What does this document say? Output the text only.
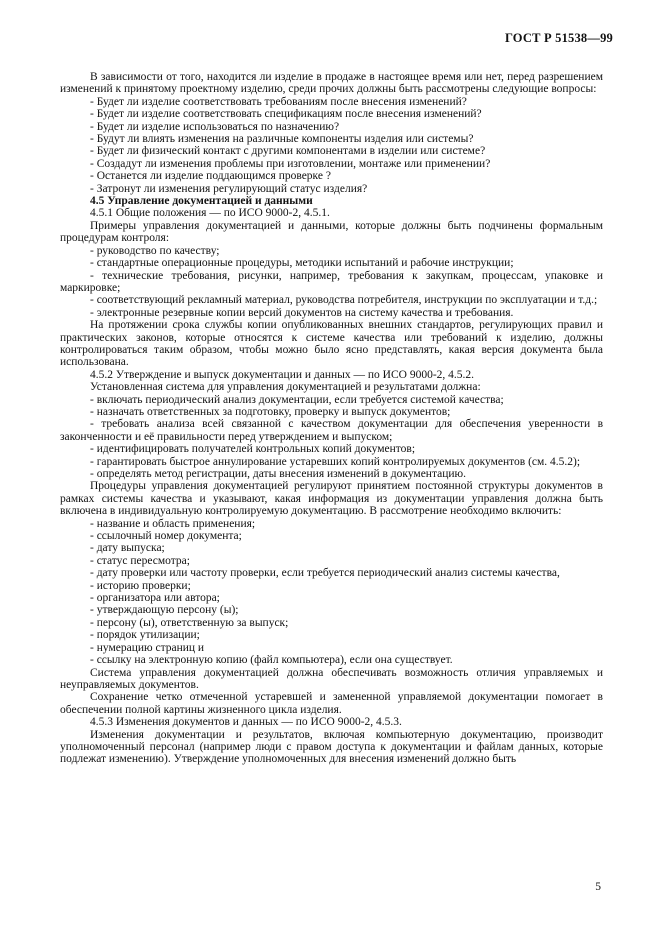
ГОСТ Р 51538—99

В зависимости от того, находится ли изделие в продаже в настоящее время или нет, перед разрешением изменений к принятому проектному изделию, среди прочих должны быть рассмотрены следующие вопросы:

- Будет ли изделие соответствовать требованиям после внесения изменений?

- Будет ли изделие соответствовать спецификациям после внесения изменений?

- Будет ли изделие использоваться по назначению?

- Будут ли влиять изменения на различные компоненты изделия или системы?

- Будет ли физический контакт с другими компонентами в изделии или системе?

- Создадут ли изменения проблемы при изготовлении, монтаже или применении?

- Останется ли изделие поддающимся проверке ?

- Затронут ли изменения регулирующий статус изделия?

4.5 Управление документацией и данными

4.5.1 Общие положения — по ИСО 9000-2, 4.5.1.

Примеры управления документацией и данными, которые должны быть подчинены формальным процедурам контроля:

- руководство по качеству;

- стандартные операционные процедуры, методики испытаний и рабочие инструкции;

- технические требования, рисунки, например, требования к закупкам, процессам, упаковке и маркировке;

- соответствующий рекламный материал, руководства потребителя, инструкции по эксплуатации и т.д.;

- электронные резервные копии версий документов на систему качества и требования.

На протяжении срока службы копии опубликованных внешних стандартов, регулирующих правил и практических законов, которые относятся к системе качества или требований к изделию, должны контролироваться таким образом, чтобы можно было ясно представлять, какая версия документа была использована.

4.5.2 Утверждение и выпуск документации и данных — по ИСО 9000-2, 4.5.2.

Установленная система для управления документацией и результатами должна:

- включать периодический анализ документации, если требуется системой качества;

- назначать ответственных за подготовку, проверку и выпуск документов;

- требовать анализа всей связанной с качеством документации для обеспечения уверенности в законченности и её правильности перед утверждением и выпуском;

- идентифицировать получателей контрольных копий документов;

- гарантировать быстрое аннулирование устаревших копий контролируемых документов (см. 4.5.2);

- определять метод регистрации, даты внесения изменений в документацию.

Процедуры управления документацией регулируют принятием постоянной структуры документов в рамках системы качества и указывают, какая информация из документации управления должна быть включена в индивидуальную контролируемую документацию. В рассмотрение необходимо включить:

- название и область применения;

- ссылочный номер документа;

- дату выпуска;

- статус пересмотра;

- дату проверки или частоту проверки, если требуется периодический анализ системы качества,

- историю проверки;

- организатора или автора;

- утверждающую персону (ы);

- персону (ы), ответственную за выпуск;

- порядок утилизации;

- нумерацию страниц и

- ссылку на электронную копию (файл компьютера), если она существует.

Система управления документацией должна обеспечивать возможность отличия управляемых и неуправляемых документов.

Сохранение четко отмеченной устаревшей и замененной управляемой документации помогает в обеспечении полной картины жизненного цикла изделия.

4.5.3 Изменения документов и данных — по ИСО 9000-2, 4.5.3.

Изменения документации и результатов, включая компьютерную документацию, производит уполномоченный персонал (например люди с правом доступа к документации и файлам данных, которые подлежат изменению). Утверждение уполномоченных для внесения изменений должно быть

5
